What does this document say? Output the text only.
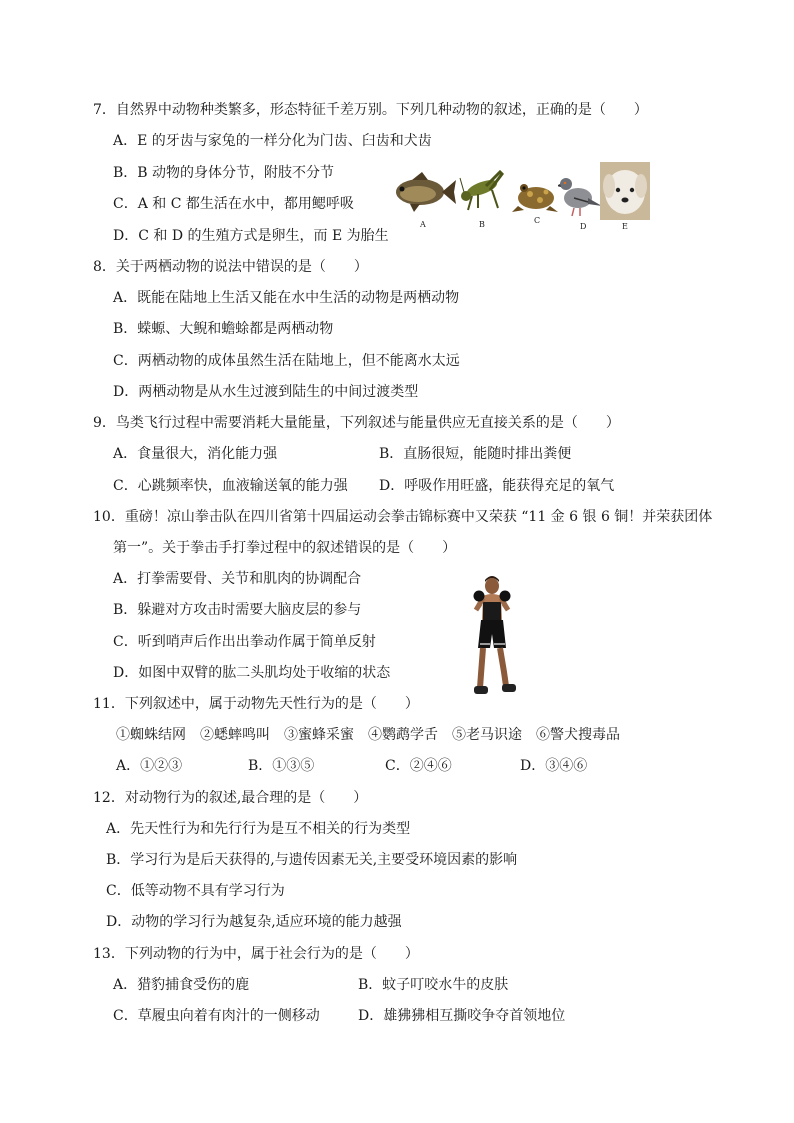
7．自然界中动物种类繁多，形态特征千差万别。下列几种动物的叙述，正确的是（　　）
A．E 的牙齿与家兔的一样分化为门齿、臼齿和犬齿
B．B 动物的身体分节，附肢不分节
C．A 和 C 都生活在水中，都用鳃呼吸
D．C 和 D 的生殖方式是卵生，而 E 为胎生
A	B	C
D	E
8．关于两栖动物的说法中错误的是（　　）
A．既能在陆地上生活又能在水中生活的动物是两栖动物
B．蝾螈、大鲵和蟾蜍都是两栖动物
C．两栖动物的成体虽然生活在陆地上，但不能离水太远
D．两栖动物是从水生过渡到陆生的中间过渡类型
9．鸟类飞行过程中需要消耗大量能量，下列叙述与能量供应无直接关系的是（　　）
A．食量很大，消化能力强	B．直肠很短，能随时排出粪便
C．心跳频率快，血液输送氧的能力强 D．呼吸作用旺盛，能获得充足的氧气
10．重磅！凉山拳击队在四川省第十四届运动会拳击锦标赛中又荣获 “11 金 6 银 6 铜！并荣获团体
第一”。关于拳击手打拳过程中的叙述错误的是（　　）
A．打拳需要骨、关节和肌肉的协调配合
B．躲避对方攻击时需要大脑皮层的参与
C．听到哨声后作出出拳动作属于简单反射
D．如图中双臂的肱二头肌均处于收缩的状态
11．下列叙述中，属于动物先天性行为的是（　　）
①蜘蛛结网　②蟋蟀鸣叫　③蜜蜂采蜜　④鹦鹉学舌　⑤老马识途　⑥警犬搜毒品
A．①②③	B．①③⑤	C．②④⑥	D．③④⑥
12．对动物行为的叙述,最合理的是（　　）
A．先天性行为和先行行为是互不相关的行为类型
B．学习行为是后天获得的,与遗传因素无关,主要受环境因素的影响
C．低等动物不具有学习行为
D．动物的学习行为越复杂,适应环境的能力越强
13．下列动物的行为中，属于社会行为的是（　　）
A．猎豹捕食受伤的鹿	B．蚊子叮咬水牛的皮肤
C．草履虫向着有肉汁的一侧移动	D．雄狒狒相互撕咬争夺首领地位
